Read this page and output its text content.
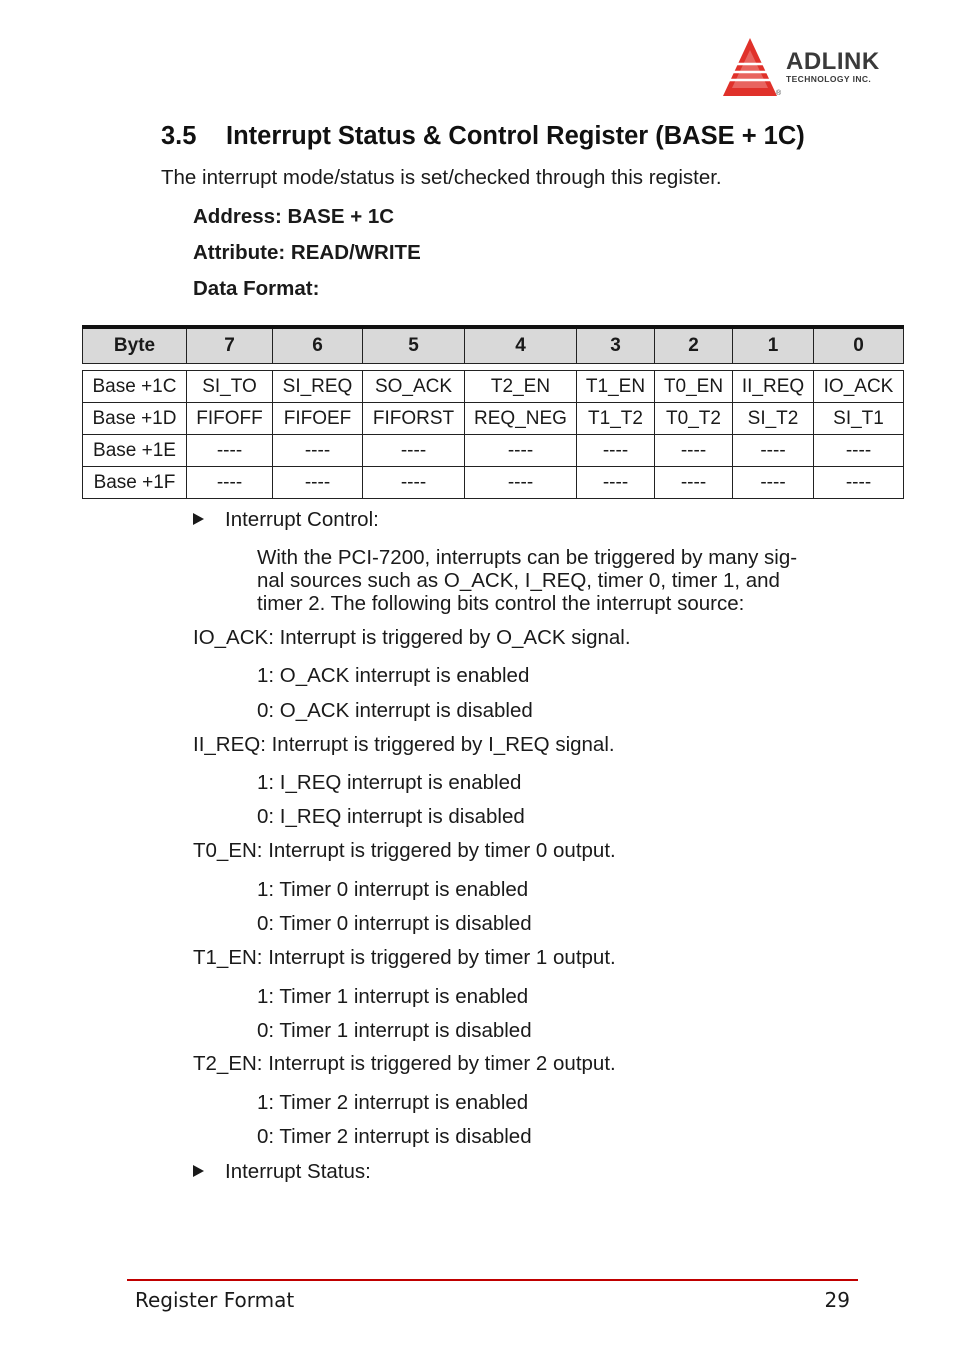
ADLINK
TECHNOLOGY INC.
®
3.5 Interrupt Status & Control Register (BASE + 1C)
The interrupt mode/status is set/checked through this register.
Address: BASE + 1C
Attribute: READ/WRITE
Data Format:
Byte	7	6	5	4	3	2	1	0

Base +1C	SI_TO	SI_REQ	SO_ACK	T2_EN	T1_EN	T0_EN	II_REQ	IO_ACK
Base +1D	FIFOFF	FIFOEF	FIFORST	REQ_NEG	T1_T2	T0_T2	SI_T2	SI_T1
Base +1E	----	----	----	----	----	----	----	----
Base +1F	----	----	----	----	----	----	----	----
Interrupt Control:
With the PCI-7200, interrupts can be triggered by many sig-
nal sources such as O_ACK, I_REQ, timer 0, timer 1, and
timer 2. The following bits control the interrupt source:
IO_ACK: Interrupt is triggered by O_ACK signal.
1: O_ACK interrupt is enabled
0: O_ACK interrupt is disabled
II_REQ: Interrupt is triggered by I_REQ signal.
1: I_REQ interrupt is enabled
0: I_REQ interrupt is disabled
T0_EN: Interrupt is triggered by timer 0 output.
1: Timer 0 interrupt is enabled
0: Timer 0 interrupt is disabled
T1_EN: Interrupt is triggered by timer 1 output.
1: Timer 1 interrupt is enabled
0: Timer 1 interrupt is disabled
T2_EN: Interrupt is triggered by timer 2 output.
1: Timer 2 interrupt is enabled
0: Timer 2 interrupt is disabled
Interrupt Status:
Register Format	29
